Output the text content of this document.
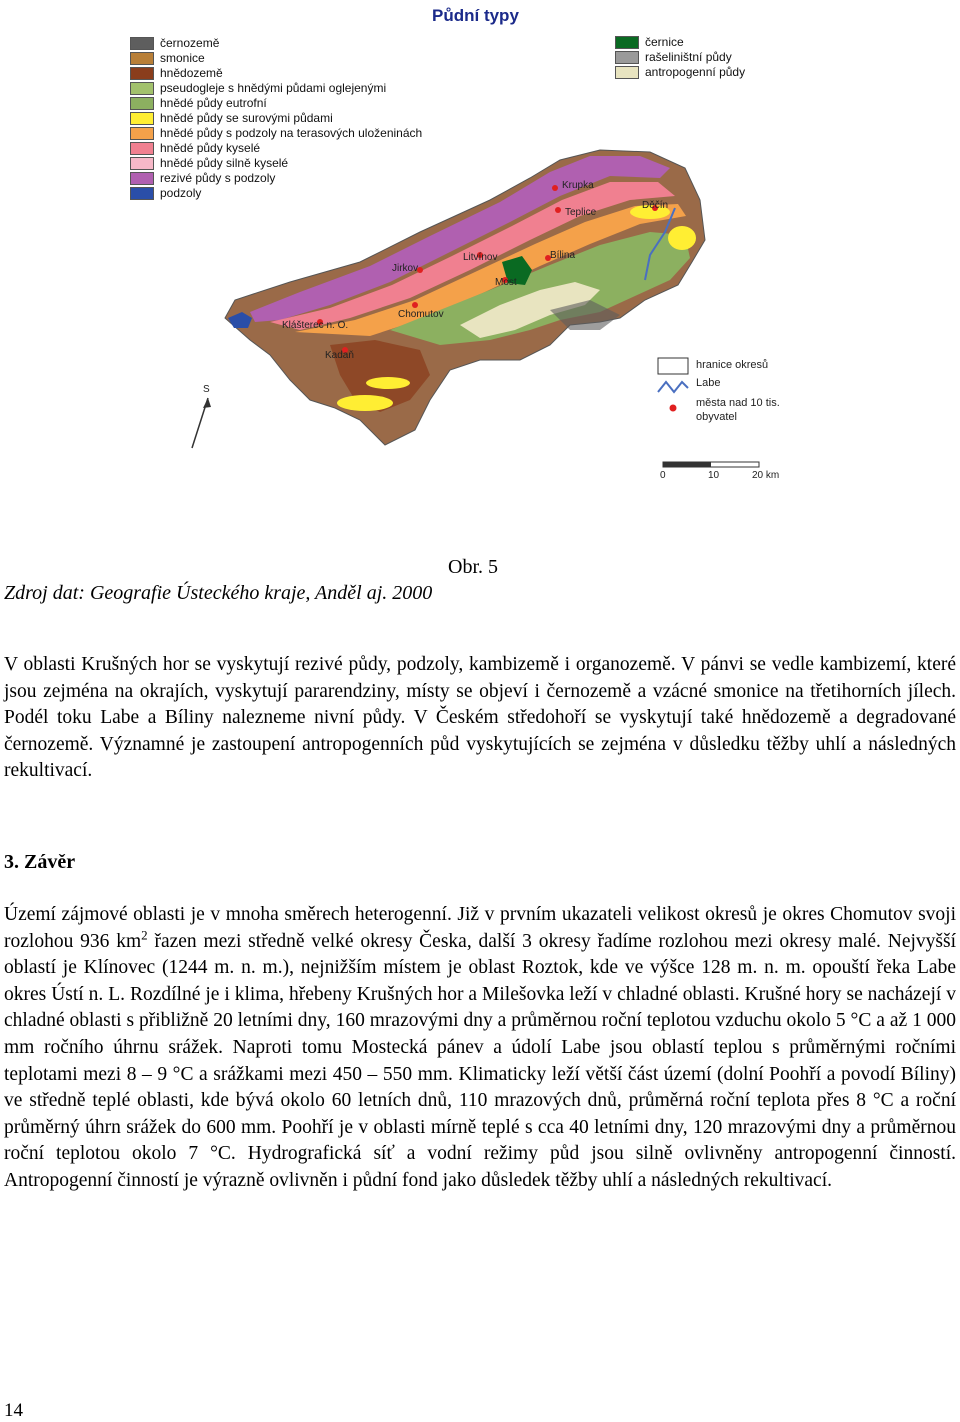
Půdní typy
černozemě
smonice
hnědozemě
pseudogleje s hnědými půdami oglejenými
hnědé půdy eutrofní
hnědé půdy se surovými půdami
hnědé půdy s podzoly na terasových uloženinách
hnědé půdy kyselé
hnědé půdy silně kyselé
rezivé půdy s podzoly
podzoly
černice
rašeliništní půdy
antropogenní půdy
Krupka
Teplice
Děčín
Litvínov	Bílina
Most
Jirkov
Chomutov
Klášterec n. O.
Kadaň
S
hranice okresů
Labe
města nad 10 tis. obyvatel
0	10	20 km
Obr. 5
Zdroj dat: Geografie Ústeckého kraje, Anděl aj. 2000

V oblasti Krušných hor se vyskytují rezivé půdy, podzoly, kambizemě i organozemě. V pánvi se vedle kambizemí, které jsou zejména na okrajích, vyskytují pararendziny, místy se objeví i černozemě a vzácné smonice na třetihorních jílech. Podél toku Labe a Bíliny nalezneme nivní půdy. V Českém středohoří se vyskytují také hnědozemě a degradované černozemě. Významné je zastoupení antropogenních půd vyskytujících se zejména v důsledku těžby uhlí a následných rekultivací.

3. Závěr

Území zájmové oblasti je v mnoha směrech heterogenní. Již v prvním ukazateli velikost okresů je okres Chomutov svoji rozlohou 936 $km^2$ řazen mezi středně velké okresy Česka, další 3 okresy řadíme rozlohou mezi okresy malé. Nejvyšší oblastí je Klínovec (1244 m. n. m.), nejnižším místem je oblast Roztok, kde ve výšce 128 m. n. m. opouští řeka Labe okres Ústí n. L. Rozdílné je i klima, hřebeny Krušných hor a Milešovka leží v chladné oblasti. Krušné hory se nacházejí v chladné oblasti s přibližně 20 letními dny, 160 mrazovými dny a průměrnou roční teplotou vzduchu okolo 5 °C a až 1 000 mm ročního úhrnu srážek. Naproti tomu Mostecká pánev a údolí Labe jsou oblastí teplou s průměrnými ročními teplotami mezi 8 – 9 °C a srážkami mezi 450 – 550 mm. Klimaticky leží větší část území (dolní Poohří a povodí Bíliny) ve středně teplé oblasti, kde bývá okolo 60 letních dnů, 110 mrazových dnů, průměrná roční teplota přes 8 °C a roční průměrný úhrn srážek do 600 mm. Poohří je v oblasti mírně teplé s cca 40 letními dny, 120 mrazovými dny a průměrnou roční teplotou okolo 7 °C. Hydrografická síť a vodní režimy půd jsou silně ovlivněny antropogenní činností. Antropogenní činností je výrazně ovlivněn i půdní fond jako důsledek těžby uhlí a následných rekultivací.

14
